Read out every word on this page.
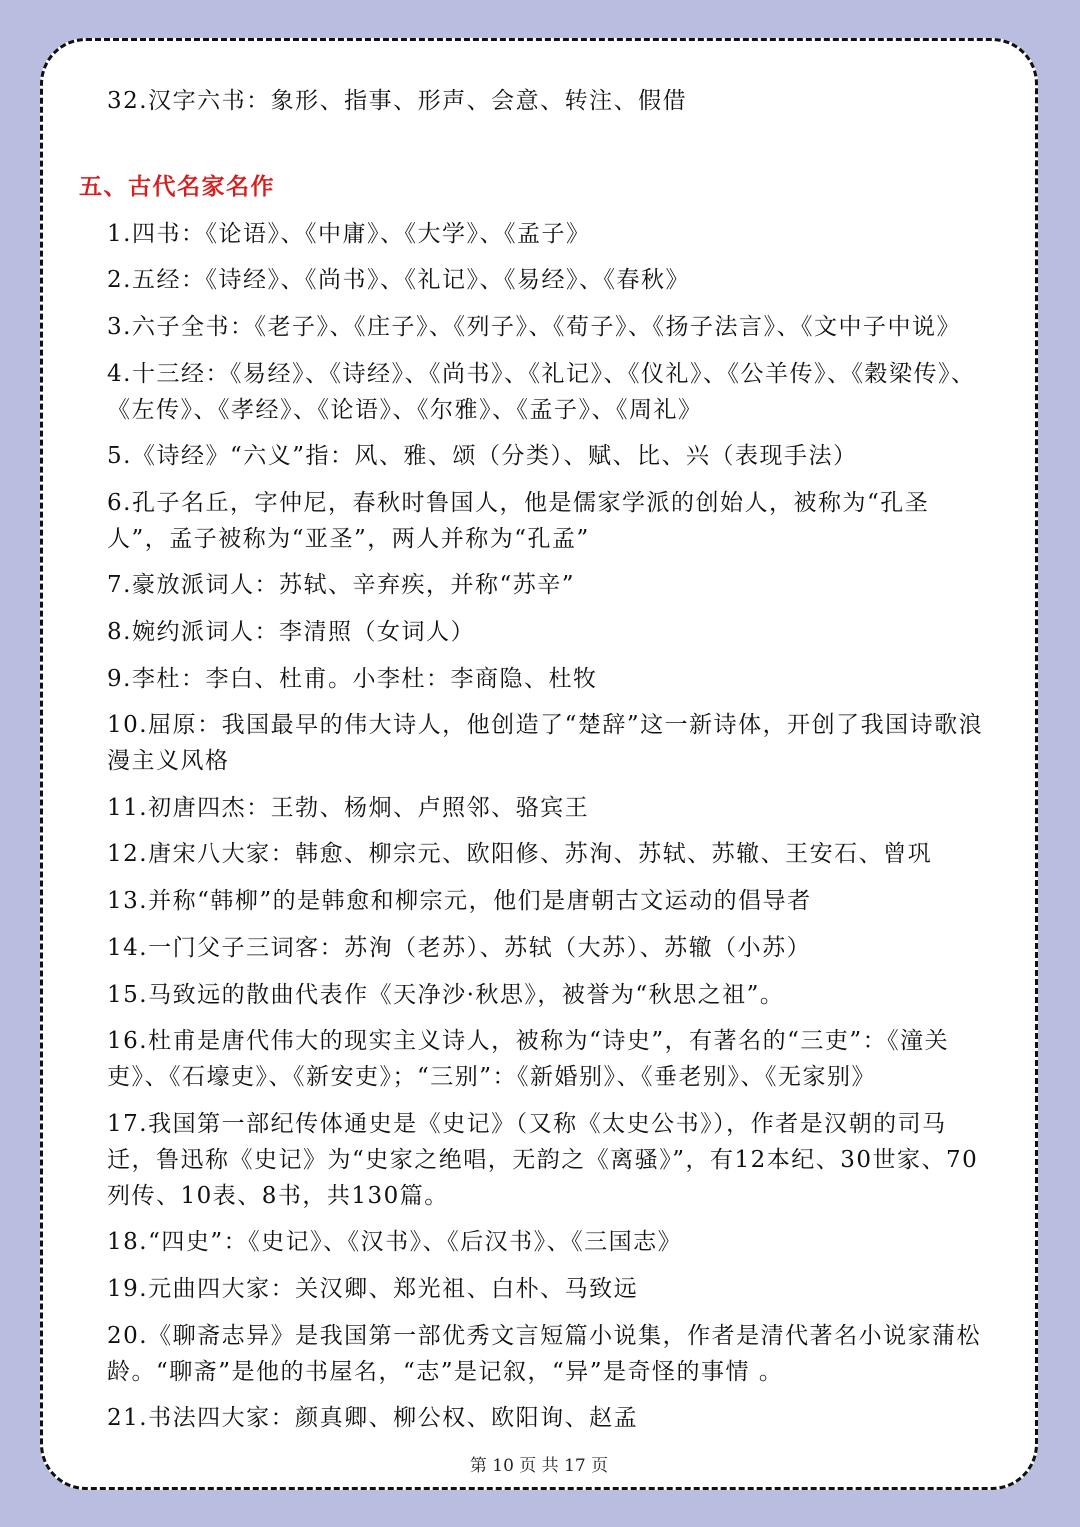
32.汉字六书：象形、指事、形声、会意、转注、假借
五、古代名家名作
1.四书：《论语》、《中庸》、《大学》、《孟子》
2.五经：《诗经》、《尚书》、《礼记》、《易经》、《春秋》
3.六子全书：《老子》、《庄子》、《列子》、《荀子》、《扬子法言》、《文中子中说》
4.十三经：《易经》、《诗经》、《尚书》、《礼记》、《仪礼》、《公羊传》、《穀梁传》、《左传》、《孝经》、《论语》、《尔雅》、《孟子》、《周礼》
5.《诗经》“六义”指：风、雅、颂（分类）、赋、比、兴（表现手法）
6.孔子名丘，字仲尼，春秋时鲁国人，他是儒家学派的创始人，被称为“孔圣人”，孟子被称为“亚圣”，两人并称为“孔孟”
7.豪放派词人：苏轼、辛弃疾，并称“苏辛”
8.婉约派词人：李清照（女词人）
9.李杜：李白、杜甫。小李杜：李商隐、杜牧
10.屈原：我国最早的伟大诗人，他创造了“楚辞”这一新诗体，开创了我国诗歌浪漫主义风格
11.初唐四杰：王勃、杨炯、卢照邻、骆宾王
12.唐宋八大家：韩愈、柳宗元、欧阳修、苏洵、苏轼、苏辙、王安石、曾巩
13.并称“韩柳”的是韩愈和柳宗元，他们是唐朝古文运动的倡导者
14.一门父子三词客：苏洵（老苏）、苏轼（大苏）、苏辙（小苏）
15.马致远的散曲代表作《天净沙·秋思》，被誉为“秋思之祖”。
16.杜甫是唐代伟大的现实主义诗人，被称为“诗史”，有著名的“三吏”：《潼关吏》、《石壕吏》、《新安吏》；“三别”：《新婚别》、《垂老别》、《无家别》
17.我国第一部纪传体通史是《史记》（又称《太史公书》），作者是汉朝的司马迁，鲁迅称《史记》为“史家之绝唱，无韵之《离骚》”，有12本纪、30世家、70列传、10表、8书，共130篇。
18.“四史”：《史记》、《汉书》、《后汉书》、《三国志》
19.元曲四大家：关汉卿、郑光祖、白朴、马致远
20.《聊斋志异》是我国第一部优秀文言短篇小说集，作者是清代著名小说家蒲松龄。“聊斋”是他的书屋名，“志”是记叙，“异”是奇怪的事情 。
21.书法四大家：颜真卿、柳公权、欧阳询、赵孟
第 10 页 共 17 页
